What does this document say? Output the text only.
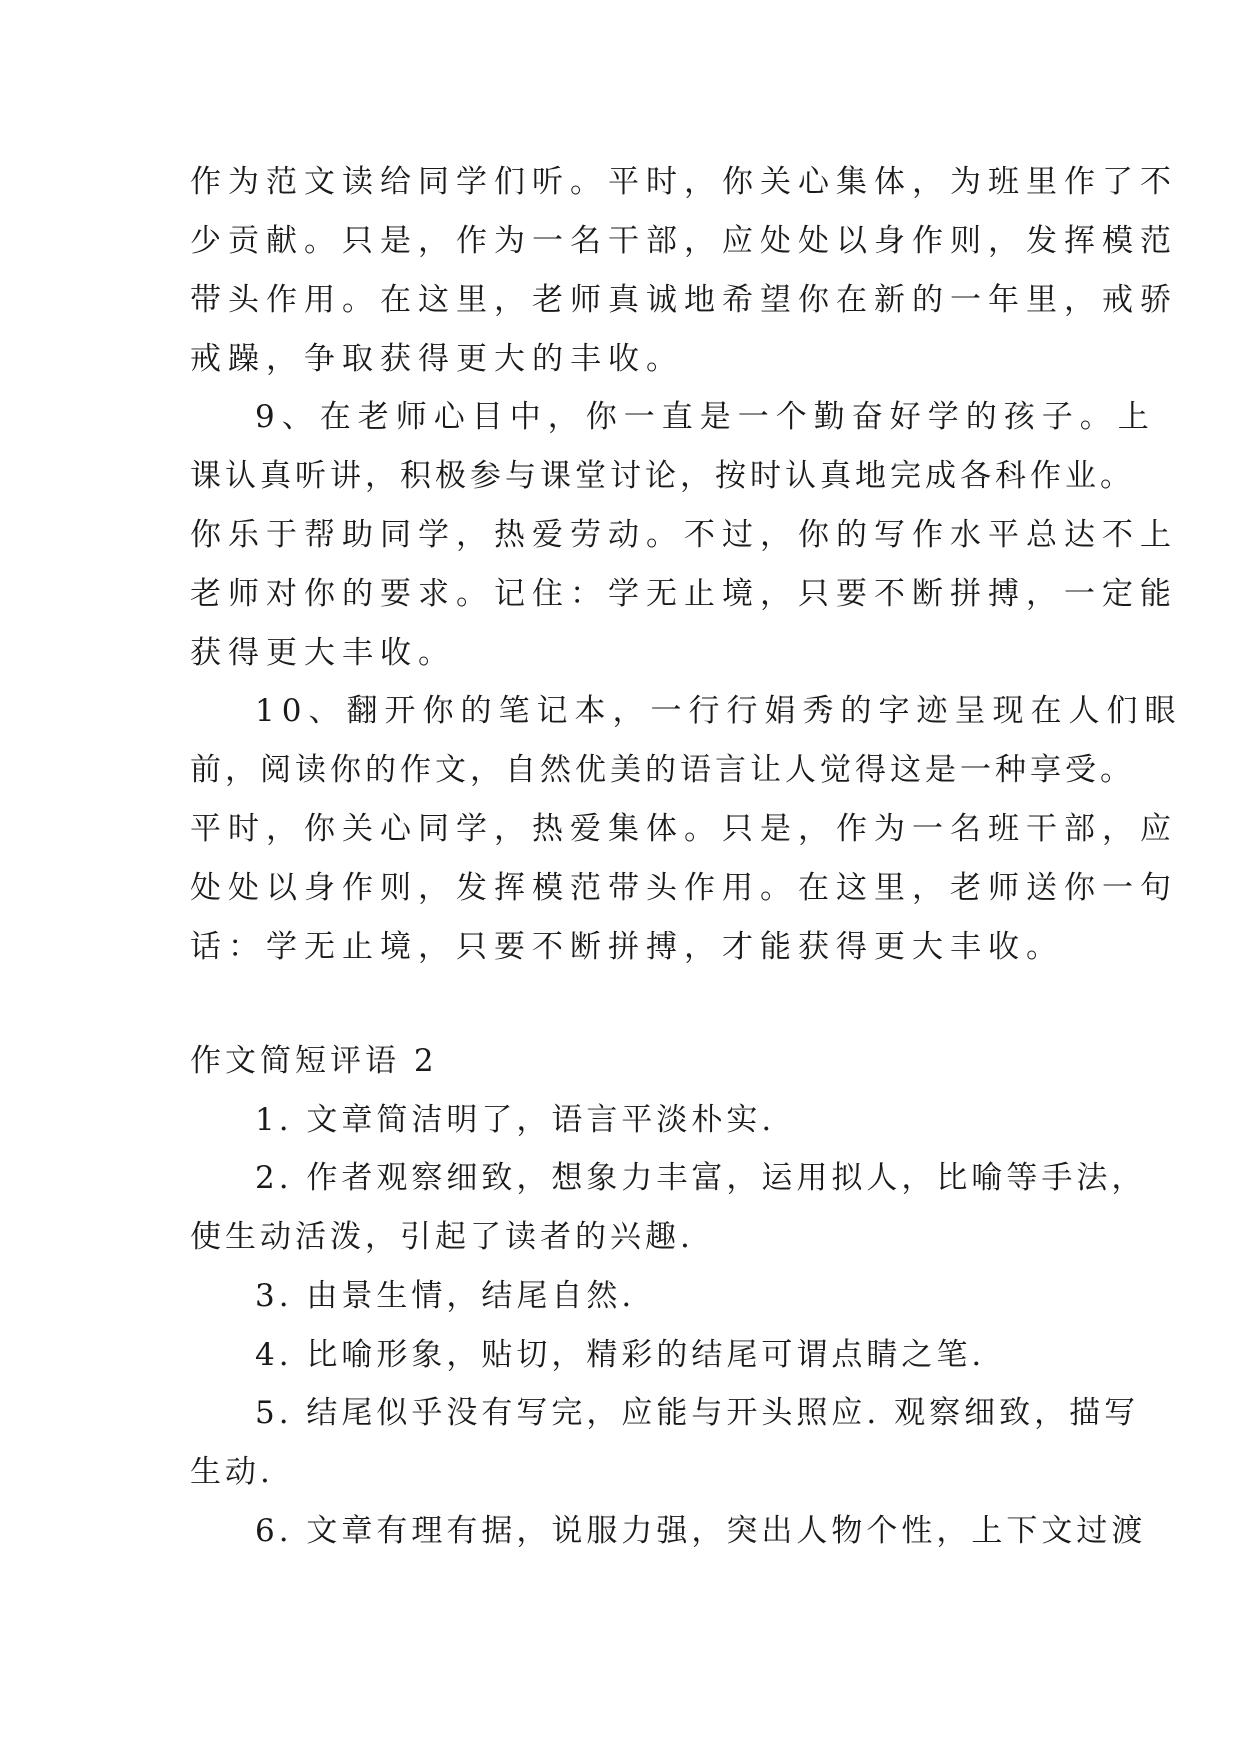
作为范文读给同学们听。平时，你关心集体，为班里作了不
少贡献。只是，作为一名干部，应处处以身作则，发挥模范
带头作用。在这里，老师真诚地希望你在新的一年里，戒骄
戒躁，争取获得更大的丰收。
9、在老师心目中，你一直是一个勤奋好学的孩子。上
课认真听讲，积极参与课堂讨论，按时认真地完成各科作业。
你乐于帮助同学，热爱劳动。不过，你的写作水平总达不上
老师对你的要求。记住：学无止境，只要不断拼搏，一定能
获得更大丰收。
10、翻开你的笔记本，一行行娟秀的字迹呈现在人们眼
前，阅读你的作文，自然优美的语言让人觉得这是一种享受。
平时，你关心同学，热爱集体。只是，作为一名班干部，应
处处以身作则，发挥模范带头作用。在这里，老师送你一句
话：学无止境，只要不断拼搏，才能获得更大丰收。
作文简短评语 2
1. 文章简洁明了，语言平淡朴实.
2. 作者观察细致，想象力丰富，运用拟人，比喻等手法，
使生动活泼，引起了读者的兴趣.
3. 由景生情，结尾自然.
4. 比喻形象，贴切，精彩的结尾可谓点睛之笔.
5. 结尾似乎没有写完，应能与开头照应. 观察细致，描写
生动.
6. 文章有理有据，说服力强，突出人物个性，上下文过渡
